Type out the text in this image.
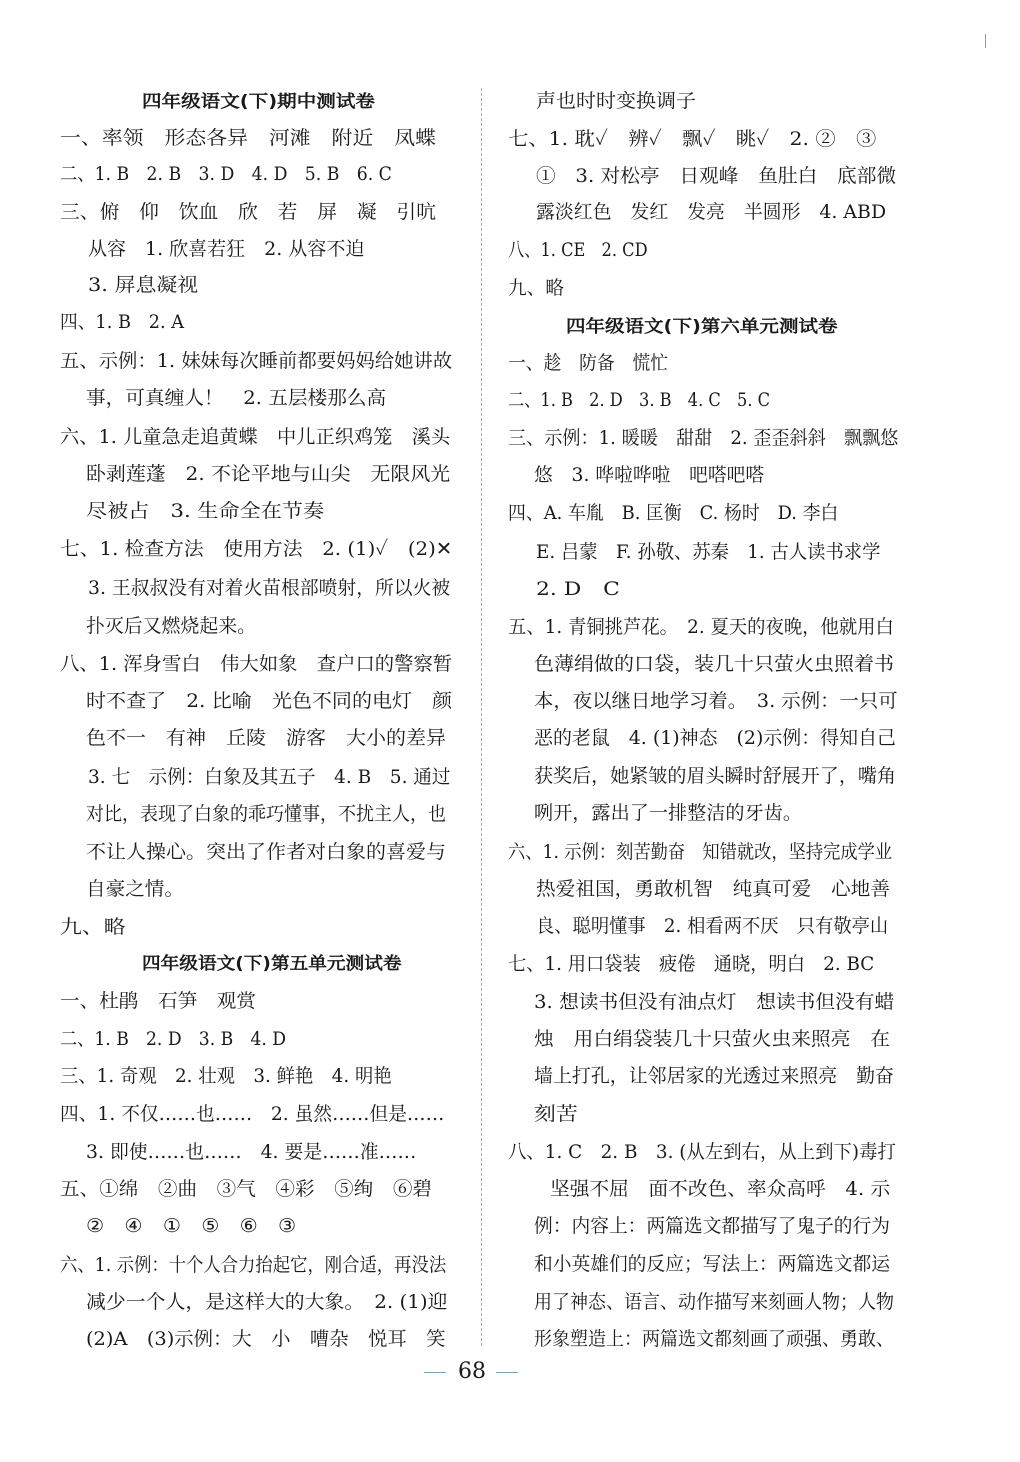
四年级语文(下)期中测试卷
一、率领　形态各异　河滩　附近　凤蝶
二、1. B　2. B　3. D　4. D　5. B　6. C
三、俯　仰　饮血　欣　若　屏　凝　引吭
从容　1. 欣喜若狂　2. 从容不迫
3. 屏息凝视
四、1. B　2. A
五、示例：1. 妹妹每次睡前都要妈妈给她讲故
事，可真缠人！　2. 五层楼那么高
六、1. 儿童急走追黄蝶　中儿正织鸡笼　溪头
卧剥莲蓬　2. 不论平地与山尖　无限风光
尽被占　3. 生命全在节奏
七、1. 检查方法　使用方法　2. (1)✓　(2)✕
3. 王叔叔没有对着火苗根部喷射，所以火被
扑灭后又燃烧起来。
八、1. 浑身雪白　伟大如象　查户口的警察暂
时不查了　2. 比喻　光色不同的电灯　颜
色不一　有神　丘陵　游客　大小的差异
3. 七　示例：白象及其五子　4. B　5. 通过
对比，表现了白象的乖巧懂事，不扰主人，也
不让人操心。突出了作者对白象的喜爱与
自豪之情。
九、略
四年级语文(下)第五单元测试卷
一、杜鹃　石笋　观赏
二、1. B　2. D　3. B　4. D
三、1. 奇观　2. 壮观　3. 鲜艳　4. 明艳
四、1. 不仅……也……　2. 虽然……但是……
3. 即使……也……　4. 要是……准……
五、①绵　②曲　③气　④彩　⑤绚　⑥碧
②　④　①　⑤　⑥　③
六、1. 示例：十个人合力抬起它，刚合适，再没法
减少一个人，是这样大的大象。　2. (1)迎
(2)A　(3)示例：大　小　嘈杂　悦耳　笑
声也时时变换调子
七、1. 耽✓　辨✓　飘✓　眺✓　2. ②　③
①　3. 对松亭　日观峰　鱼肚白　底部微
露淡红色　发红　发亮　半圆形　4. ABD
八、1. CE　2. CD
九、略
四年级语文(下)第六单元测试卷
一、趁　防备　慌忙
二、1. B　2. D　3. B　4. C　5. C
三、示例：1. 暖暖　甜甜　2. 歪歪斜斜　飘飘悠
悠　3. 哗啦哗啦　吧嗒吧嗒
四、A. 车胤　B. 匡衡　C. 杨时　D. 李白
E. 吕蒙　F. 孙敬、苏秦　1. 古人读书求学
2. D　C
五、1. 青铜挑芦花。　2. 夏天的夜晚，他就用白
色薄绢做的口袋，装几十只萤火虫照着书
本，夜以继日地学习着。　3. 示例：一只可
恶的老鼠　4. (1)神态　(2)示例：得知自己
获奖后，她紧皱的眉头瞬时舒展开了，嘴角
咧开，露出了一排整洁的牙齿。
六、1. 示例：刻苦勤奋　知错就改，坚持完成学业
热爱祖国，勇敢机智　纯真可爱　心地善
良、聪明懂事　2. 相看两不厌　只有敬亭山
七、1. 用口袋装　疲倦　通晓，明白　2. BC
3. 想读书但没有油点灯　想读书但没有蜡
烛　用白绢袋装几十只萤火虫来照亮　在
墙上打孔，让邻居家的光透过来照亮　勤奋
刻苦
八、1. C　2. B　3. (从左到右，从上到下)毒打
坚强不屈　面不改色、率众高呼　4. 示
例：内容上：两篇选文都描写了鬼子的行为
和小英雄们的反应；写法上：两篇选文都运
用了神态、语言、动作描写来刻画人物；人物
形象塑造上：两篇选文都刻画了顽强、勇敢、
68
